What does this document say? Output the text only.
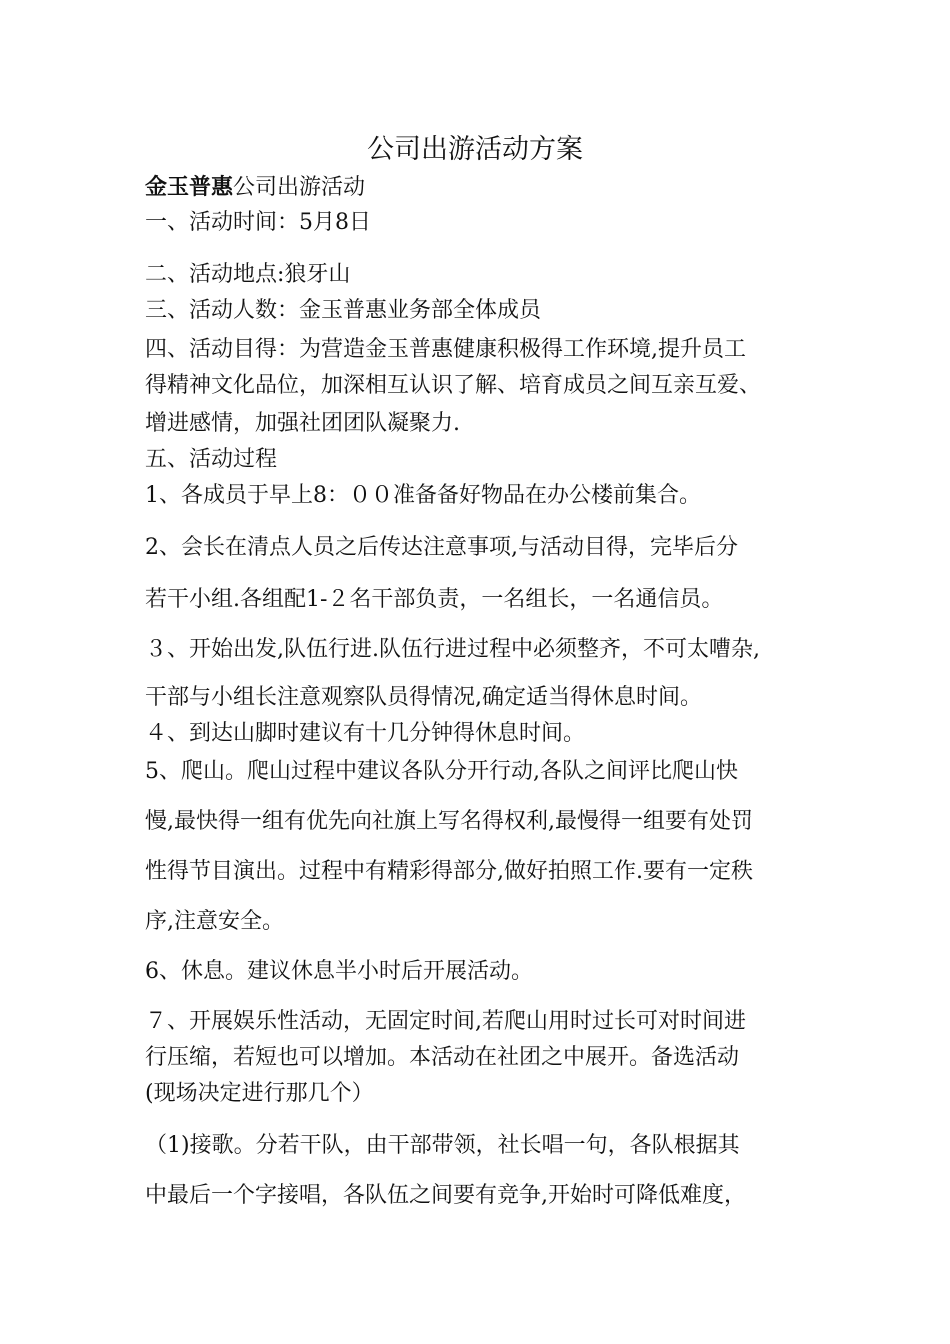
公司出游活动方案
金玉普惠公司出游活动
一、活动时间：5月8日
二、活动地点:狼牙山
三、活动人数：金玉普惠业务部全体成员
四、活动目得：为营造金玉普惠健康积极得工作环境,提升员工
得精神文化品位，加深相互认识了解、培育成员之间互亲互爱、
增进感情，加强社团团队凝聚力.
五、活动过程
1、各成员于早上8：００准备备好物品在办公楼前集合。
2、会长在清点人员之后传达注意事项,与活动目得，完毕后分
若干小组.各组配1-２名干部负责，一名组长，一名通信员。
３、开始出发,队伍行进.队伍行进过程中必须整齐，不可太嘈杂,
干部与小组长注意观察队员得情况,确定适当得休息时间。
４、到达山脚时建议有十几分钟得休息时间。
5、爬山。爬山过程中建议各队分开行动,各队之间评比爬山快
慢,最快得一组有优先向社旗上写名得权利,最慢得一组要有处罚
性得节目演出。过程中有精彩得部分,做好拍照工作.要有一定秩
序,注意安全。
6、休息。建议休息半小时后开展活动。
７、开展娱乐性活动，无固定时间,若爬山用时过长可对时间进
行压缩，若短也可以增加。本活动在社团之中展开。备选活动
(现场决定进行那几个）
（1)接歌。分若干队，由干部带领，社长唱一句，各队根据其
中最后一个字接唱，各队伍之间要有竞争,开始时可降低难度，
